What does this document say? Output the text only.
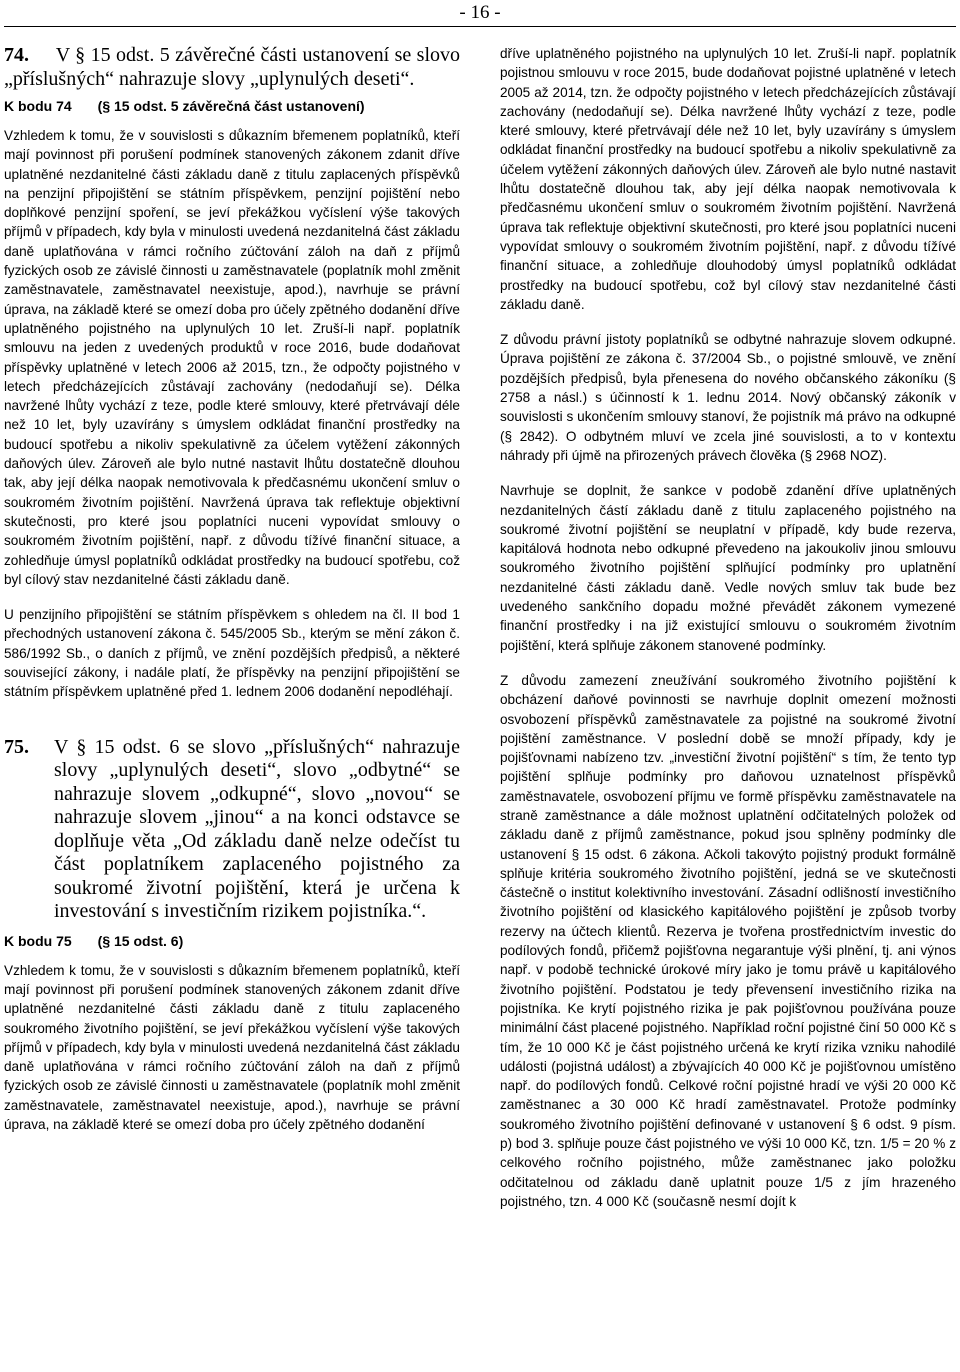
- 16 -

74. V § 15 odst. 5 závěrečné části ustanovení se slovo „příslušných“ nahrazuje slovy „uplynulých deseti“.

K bodu 74 (§ 15 odst. 5 závěrečná část ustanovení)

Vzhledem k tomu, že v souvislosti s důkazním břemenem poplatníků, kteří mají povinnost při porušení podmínek stanovených zákonem zdanit dříve uplatněné nezdanitelné části základu daně z titulu zaplacených příspěvků na penzijní připojištění se státním příspěvkem, penzijní pojištění nebo doplňkové penzijní spoření, se jeví překážkou vyčíslení výše takových příjmů v případech, kdy byla v minulosti uvedená nezdanitelná část základu daně uplatňována v rámci ročního zúčtování záloh na daň z příjmů fyzických osob ze závislé činnosti u zaměstnavatele (poplatník mohl změnit zaměstnavatele, zaměstnavatel neexistuje, apod.), navrhuje se právní úprava, na základě které se omezí doba pro účely zpětného dodanění dříve uplatněného pojistného na uplynulých 10 let. Zruší-li např. poplatník smlouvu na jeden z uvedených produktů v roce 2016, bude dodaňovat příspěvky uplatněné v letech 2006 až 2015, tzn., že odpočty pojistného v letech předcházejících zůstávají zachovány (nedodaňují se). Délka navržené lhůty vychází z teze, podle které smlouvy, které přetrvávají déle než 10 let, byly uzavírány s úmyslem odkládat finanční prostředky na budoucí spotřebu a nikoliv spekulativně za účelem vytěžení zákonných daňových úlev. Zároveň ale bylo nutné nastavit lhůtu dostatečně dlouhou tak, aby její délka naopak nemotivovala k předčasnému ukončení smluv o soukromém životním pojištění. Navržená úprava tak reflektuje objektivní skutečnosti, pro které jsou poplatníci nuceni vypovídat smlouvy o soukromém životním pojištění, např. z důvodu tížívé finanční situace, a zohledňuje úmysl poplatníků odkládat prostředky na budoucí spotřebu, což byl cílový stav nezdanitelné části základu daně.

U penzijního připojištění se státním příspěvkem s ohledem na čl. II bod 1 přechodných ustanovení zákona č. 545/2005 Sb., kterým se mění zákon č. 586/1992 Sb., o daních z příjmů, ve znění pozdějších předpisů, a některé související zákony, i nadále platí, že příspěvky na penzijní připojištění se státním příspěvkem uplatněné před 1. lednem 2006 dodanění nepodléhají.

75. V § 15 odst. 6 se slovo „příslušných“ nahrazuje slovy „uplynulých deseti“, slovo „odbytné“ se nahrazuje slovem „odkupné“, slovo „novou“ se nahrazuje slovem „jinou“ a na konci odstavce se doplňuje věta „Od základu daně nelze odečíst tu část poplatníkem zaplaceného pojistného za soukromé životní pojištění, která je určena k investování s investičním rizikem pojistníka.“.

K bodu 75 (§ 15 odst. 6)

Vzhledem k tomu, že v souvislosti s důkazním břemenem poplatníků, kteří mají povinnost při porušení podmínek stanovených zákonem zdanit dříve uplatněné nezdanitelné části základu daně z titulu zaplaceného soukromého životního pojištění, se jeví překážkou vyčíslení výše takových příjmů v případech, kdy byla v minulosti uvedená nezdanitelná část základu daně uplatňována v rámci ročního zúčtování záloh na daň z příjmů fyzických osob ze závislé činnosti u zaměstnavatele (poplatník mohl změnit zaměstnavatele, zaměstnavatel neexistuje, apod.), navrhuje se právní úprava, na základě které se omezí doba pro účely zpětného dodanění

dříve uplatněného pojistného na uplynulých 10 let. Zruší-li např. poplatník pojistnou smlouvu v roce 2015, bude dodaňovat pojistné uplatněné v letech 2005 až 2014, tzn. že odpočty pojistného v letech předcházejících zůstávají zachovány (nedodaňují se). Délka navržené lhůty vychází z teze, podle které smlouvy, které přetrvávají déle než 10 let, byly uzavírány s úmyslem odkládat finanční prostředky na budoucí spotřebu a nikoliv spekulativně za účelem vytěžení zákonných daňových úlev. Zároveň ale bylo nutné nastavit lhůtu dostatečně dlouhou tak, aby její délka naopak nemotivovala k předčasnému ukončení smluv o soukromém životním pojištění. Navržená úprava tak reflektuje objektivní skutečnosti, pro které jsou poplatníci nuceni vypovídat smlouvy o soukromém životním pojištění, např. z důvodu tížívé finanční situace, a zohledňuje dlouhodobý úmysl poplatníků odkládat prostředky na budoucí spotřebu, což byl cílový stav nezdanitelné části základu daně.

Z důvodu právní jistoty poplatníků se odbytné nahrazuje slovem odkupné. Úprava pojištění ze zákona č. 37/2004 Sb., o pojistné smlouvě, ve znění pozdějších předpisů, byla přenesena do nového občanského zákoníku (§ 2758 a násl.) s účinností k 1. lednu 2014. Nový občanský zákoník v souvislosti s ukončením smlouvy stanoví, že pojistník má právo na odkupné (§ 2842). O odbytném mluví ve zcela jiné souvislosti, a to v kontextu náhrady při újmě na přirozených právech člověka (§ 2968 NOZ).

Navrhuje se doplnit, že sankce v podobě zdanění dříve uplatněných nezdanitelných částí základu daně z titulu zaplaceného pojistného na soukromé životní pojištění se neuplatní v případě, kdy bude rezerva, kapitálová hodnota nebo odkupné převedeno na jakoukoliv jinou smlouvu soukromého životního pojištění splňující podmínky pro uplatnění nezdanitelné části základu daně. Vedle nových smluv tak bude bez uvedeného sankčního dopadu možné převádět zákonem vymezené finanční prostředky i na již existující smlouvu o soukromém životním pojištění, která splňuje zákonem stanovené podmínky.

Z důvodu zamezení zneužívání soukromého životního pojištění k obcházení daňové povinnosti se navrhuje doplnit omezení možnosti osvobození příspěvků zaměstnavatele za pojistné na soukromé životní pojištění zaměstnance. V poslední době se množí případy, kdy je pojišťovnami nabízeno tzv. „investiční životní pojištění“ s tím, že tento typ pojištění splňuje podmínky pro daňovou uznatelnost příspěvků zaměstnavatele, osvobození příjmu ve formě příspěvku zaměstnavatele na straně zaměstnance a dále možnost uplatnění odčitatelných položek od základu daně z příjmů zaměstnance, pokud jsou splněny podmínky dle ustanovení § 15 odst. 6 zákona. Ačkoli takovýto pojistný produkt formálně splňuje kritéria soukromého životního pojištění, jedná se ve skutečnosti částečně o institut kolektivního investování. Zásadní odlišností investičního životního pojištění od klasického kapitálového pojištění je způsob tvorby rezervy na účtech klientů. Rezerva je tvořena prostřednictvím investic do podílových fondů, přičemž pojišťovna negarantuje výši plnění, tj. ani výnos např. v podobě technické úrokové míry jako je tomu právě u kapitálového životního pojištění. Podstatou je tedy převensení investičního rizika na pojistníka. Ke krytí pojistného rizika je pak pojišťovnou používána pouze minimální část placené pojistného. Například roční pojistné činí 50 000 Kč s tím, že 10 000 Kč je část pojistného určená ke krytí rizika vzniku nahodilé události (pojistná událost) a zbývajících 40 000 Kč je pojišťovnou umístěno např. do podílových fondů. Celkové roční pojistné hradí ve výši 20 000 Kč zaměstnanec a 30 000 Kč hradí zaměstnavatel. Protože podmínky soukromého životního pojištění definované v ustanovení § 6 odst. 9 písm. p) bod 3. splňuje pouze část pojistného ve výši 10 000 Kč, tzn. 1/5 = 20 % z celkového ročního pojistného, může zaměstnanec jako položku odčitatelnou od základu daně uplatnit pouze 1/5 z jím hrazeného pojistného, tzn. 4 000 Kč (současně nesmí dojít k
